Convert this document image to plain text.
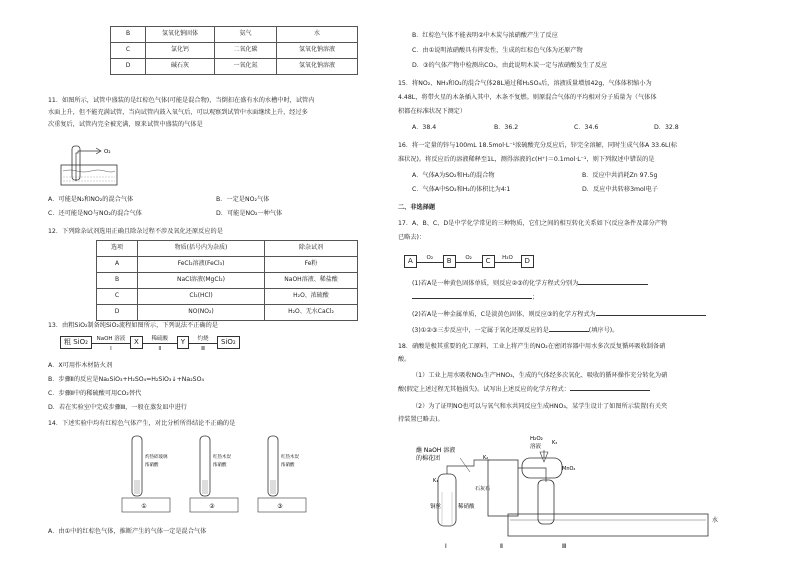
B	氢氧化钠固体	氨气	水
C	氯化钙	二氧化碳	氢氧化钠溶液
D	碱石灰	一氧化氮	氢氧化钠溶液
11．如图所示，试管中盛装的是红棕色气体(可能是混合物)，当倒扣在盛有水的水槽中时，试管内
水面上升，但不能充满试管，当向试管内鼓入氧气后，可以观察到试管中水面继续上升，经过多
次重复后，试管内完全被充满，原来试管中盛装的气体是
O₂
A．可能是N₂和NO₂的混合气体	B．一定是NO₂气体
C．还可能是NO与NO₂的混合气体	D．可能是NO₂一种气体
12．下列除杂试剂选用正确且除杂过程不涉及氧化还原反应的是
选项	物质(括号内为杂质)	除杂试剂
A	FeCl₂溶液(FeCl₃)	Fe粉
B	NaCl溶液(MgCl₂)	NaOH溶液、稀盐酸
C	Cl₂(HCl)	H₂O、浓硫酸
D	NO(NO₂)	H₂O、无水CaCl₂
13．由粗SiO₂制备纯SiO₂流程如图所示，下列说法不正确的是
粗 SiO₂	NaOH 溶液
Ⅰ
X	稀硫酸
Ⅱ
Y	灼烧
Ⅲ
SiO₂
A．X可用作木材防火剂
B．步骤Ⅱ的反应是Na₂SiO₃+H₂SO₄=H₂SiO₃↓+Na₂SO₄
C．步骤Ⅱ中的稀硫酸可用CO₂替代
D．若在实验室中完成步骤Ⅲ，一般在蒸发皿中进行
14．下述实验中均有红棕色气体产生，对比分析所得结论不正确的是
灼热碎玻璃
浓硝酸
①
红热木炭
浓硝酸
②
红热木炭
浓硝酸
③
A．由①中的红棕色气体，推断产生的气体一定是混合气体
B．红棕色气体不能表明②中木炭与浓硝酸产生了反应
C．由①说明浓硝酸具有挥发性，生成的红棕色气体为还原产物
D．③的气体产物中检测出CO₂，由此说明木炭一定与浓硝酸发生了反应
15．将NO₂、NH₃和O₂的混合气体28L通过稀H₂SO₄后，溶液质量增加42g，气体体积缩小为
4.48L，将带火星的木条插入其中，木条不复燃。则原混合气体的平均相对分子质量为（气体体
积都在标准状况下测定）
A．38.4	B．36.2	C．34.6	D．32.8
16．将一定量的锌与100mL 18.5mol·L⁻¹浓硫酸充分反应后，锌完全溶解，同时生成气体A 33.6L(标
准状况)。将反应后的溶液稀释至1L，测得溶液的c(H⁺)＝0.1mol·L⁻¹，则下列叙述中错误的是
A．气体A为SO₂和H₂的混合物	B．反应中共消耗Zn 97.5g
C．气体A中SO₂和H₂的体积比为4∶1	D．反应中共转移3mol电子
二、非选择题
17．A、B、C、D是中学化学常见的三种物质，它们之间的相互转化关系如下(反应条件及部分产物
已略去)：
A	O₂	B	O₂	C	H₂O	D
(1)若A是一种黄色固体单质，则反应②③的化学方程式分别为
；
(2)若A是一种金属单质，C是淡黄色固体，则反应③的化学方程式为
(3)①②③三步反应中，一定属于氧化还原反应的是	(填序号)。
18．硝酸是极其重要的化工原料，工业上将产生的NO₂在密闭容器中用水多次反复循环吸收制备硝
酸。
（1）工业上用水吸收NO₂生产HNO₃，生成的气体经多次氧化、吸收的循环操作充分转化为硝
酸(假定上述过程无其他损失)。试写出上述反应的化学方程式：
（2）为了证明NO也可以与氧气和水共同反应生成HNO₃，某学生设计了如图所示装置(有关夹
持装置已略去)。
蘸 NaOH 溶液
的棉花团
铜丝	稀硝酸
K₁
Ⅰ
石灰石
K₂
Ⅱ
水
H₂O₂
溶液
K₃
MnO₂
Ⅲ
